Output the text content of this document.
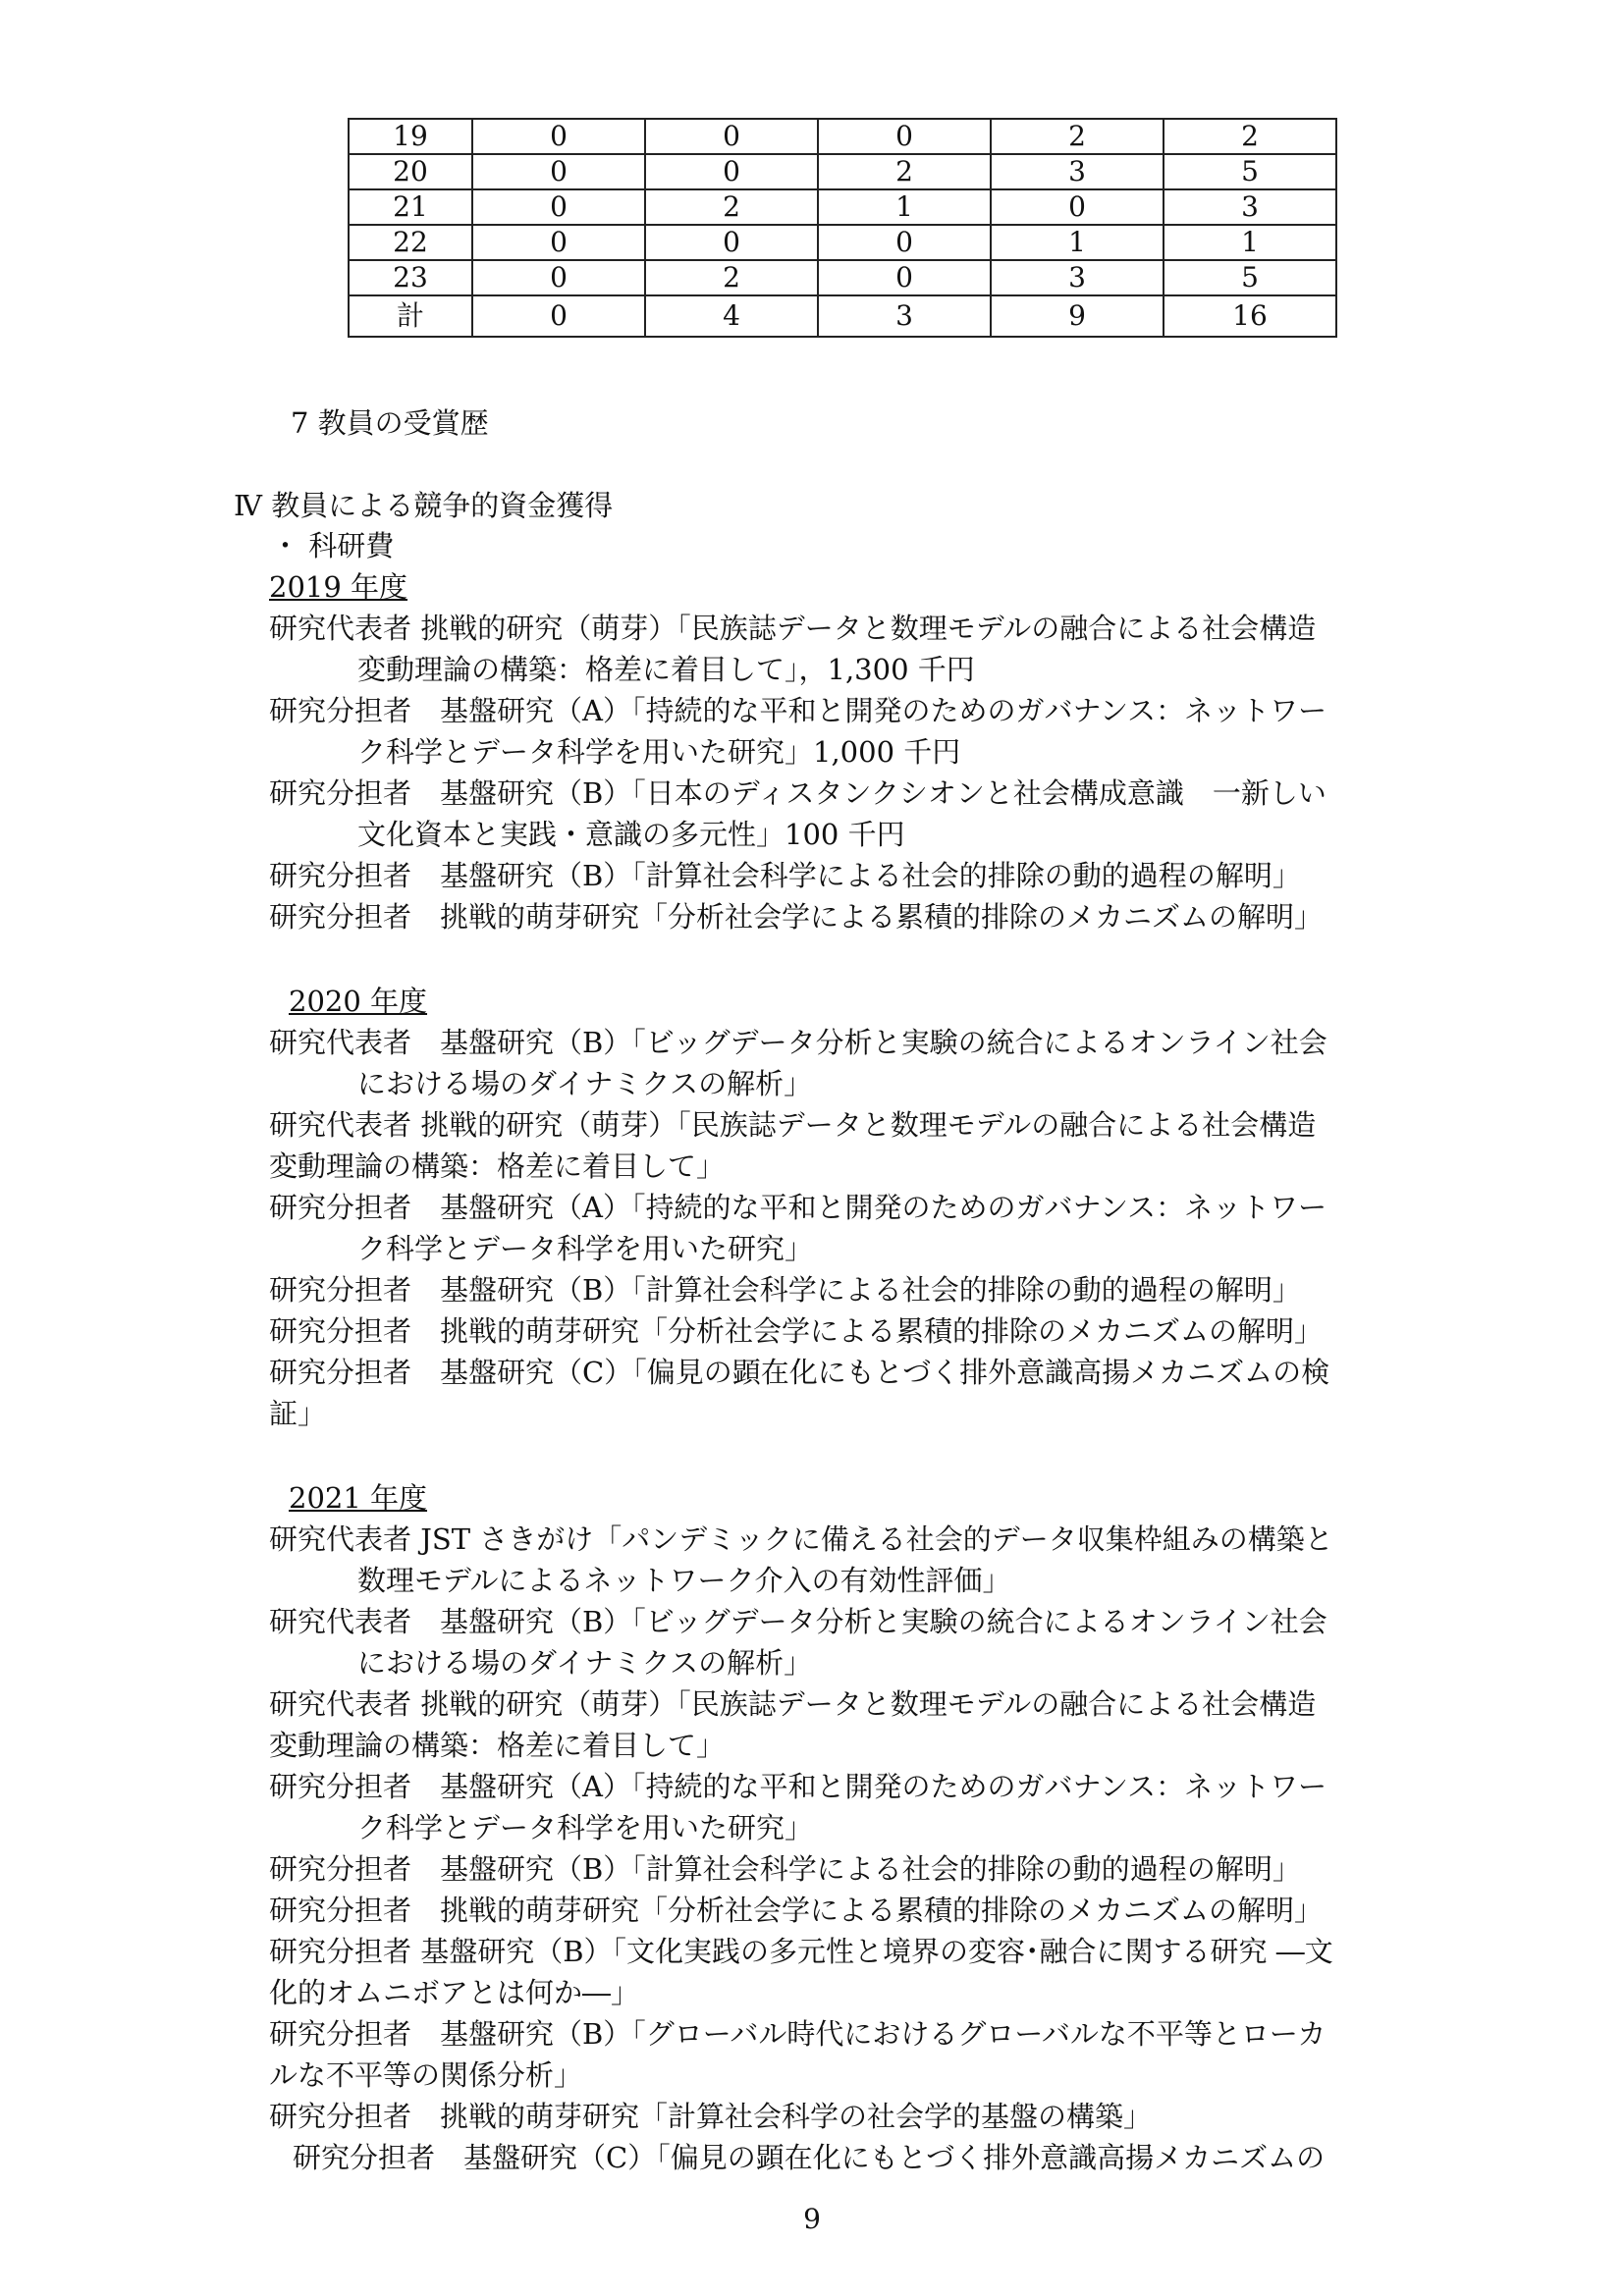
19	0	0	0	2	2
20	0	0	2	3	5
21	0	2	1	0	3
22	0	0	0	1	1
23	0	2	0	3	5
計	0	4	3	9	16
7 教員の受賞歴
Ⅳ 教員による競争的資金獲得
・ 科研費
2019 年度
研究代表者 挑戦的研究（萌芽）「民族誌データと数理モデルの融合による社会構造
変動理論の構築：格差に着目して」，1,300 千円
研究分担者　基盤研究（A）「持続的な平和と開発のためのガバナンス：ネットワー
ク科学とデータ科学を用いた研究」1,000 千円
研究分担者　基盤研究（B）「日本のディスタンクシオンと社会構成意識　一新しい
文化資本と実践・意識の多元性」100 千円
研究分担者　基盤研究（B）「計算社会科学による社会的排除の動的過程の解明」
研究分担者　挑戦的萌芽研究「分析社会学による累積的排除のメカニズムの解明」
2020 年度
研究代表者　基盤研究（B）「ビッグデータ分析と実験の統合によるオンライン社会
における場のダイナミクスの解析」
研究代表者 挑戦的研究（萌芽）「民族誌データと数理モデルの融合による社会構造
変動理論の構築：格差に着目して」
研究分担者　基盤研究（A）「持続的な平和と開発のためのガバナンス：ネットワー
ク科学とデータ科学を用いた研究」
研究分担者　基盤研究（B）「計算社会科学による社会的排除の動的過程の解明」
研究分担者　挑戦的萌芽研究「分析社会学による累積的排除のメカニズムの解明」
研究分担者　基盤研究（C）「偏見の顕在化にもとづく排外意識高揚メカニズムの検
証」
2021 年度
研究代表者 JST さきがけ「パンデミックに備える社会的データ収集枠組みの構築と
数理モデルによるネットワーク介入の有効性評価」
研究代表者　基盤研究（B）「ビッグデータ分析と実験の統合によるオンライン社会
における場のダイナミクスの解析」
研究代表者 挑戦的研究（萌芽）「民族誌データと数理モデルの融合による社会構造
変動理論の構築：格差に着目して」
研究分担者　基盤研究（A）「持続的な平和と開発のためのガバナンス：ネットワー
ク科学とデータ科学を用いた研究」
研究分担者　基盤研究（B）「計算社会科学による社会的排除の動的過程の解明」
研究分担者　挑戦的萌芽研究「分析社会学による累積的排除のメカニズムの解明」
研究分担者 基盤研究（B）「文化実践の多元性と境界の変容･融合に関する研究 ―文
化的オムニボアとは何か―」
研究分担者　基盤研究（B）「グローバル時代におけるグローバルな不平等とローカ
ルな不平等の関係分析」
研究分担者　挑戦的萌芽研究「計算社会科学の社会学的基盤の構築」
研究分担者　基盤研究（C）「偏見の顕在化にもとづく排外意識高揚メカニズムの
9
